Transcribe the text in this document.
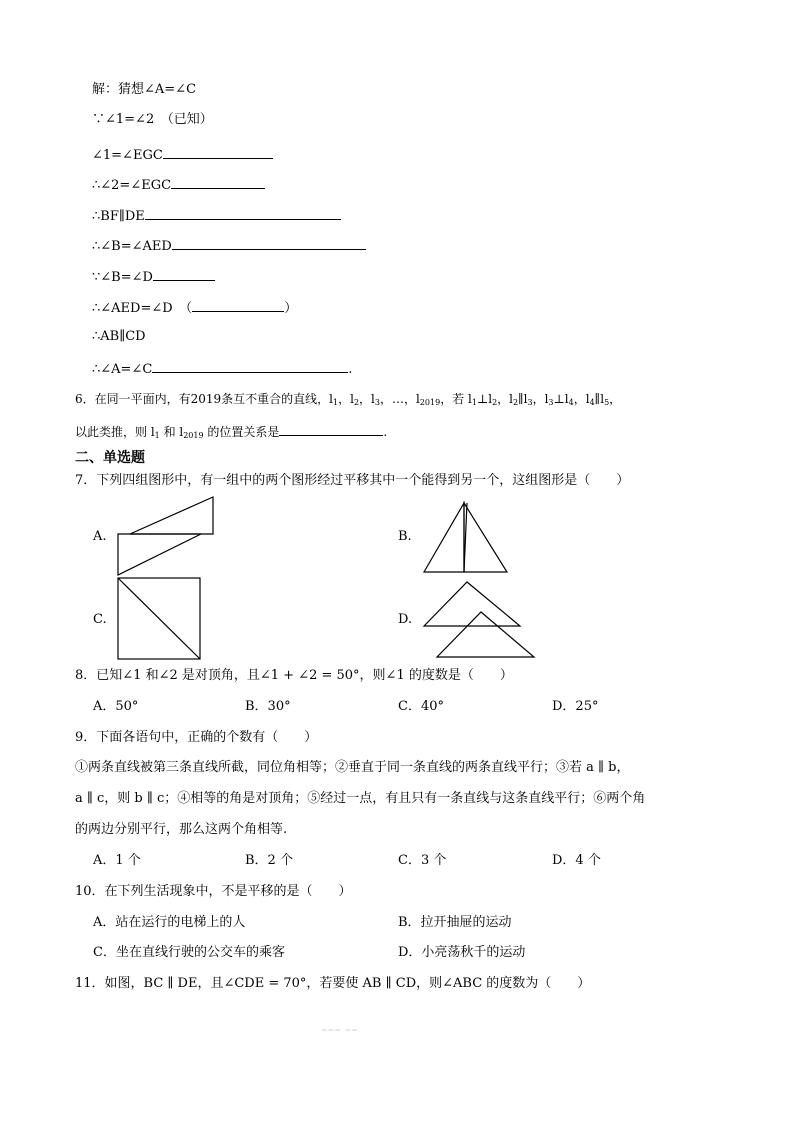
解：猜想∠A=∠C
∵∠1=∠2　（已知）
∠1=∠EGC
∴∠2=∠EGC
∴BF∥DE
∴∠B=∠AED
∵∠B=∠D
∴∠AED=∠D　（	）
∴AB∥CD
∴∠A=∠C	.
6．在同一平面内，有2019条互不重合的直线，$l_1$，$l_2$，$l_3$，…，$l_{2019}$，若 $l_1\perp l_2$，$l_2\parallel l_3$，$l_3\perp l_4$，$l_4\parallel l_5$，
以此类推，则 $l_1$ 和 $l_{2019}$ 的位置关系是	.
二、单选题
7．下列四组图形中，有一组中的两个图形经过平移其中一个能得到另一个，这组图形是（　　）
A.	B.
C.	D.
8．已知∠1 和∠2 是对顶角，且∠1 + ∠2 = 50°，则∠1 的度数是（　　）
A．50°	B．30°	C．40°	D．25°
9．下面各语句中，正确的个数有（　　）
①两条直线被第三条直线所截，同位角相等；②垂直于同一条直线的两条直线平行；③若 a ∥ b，
a ∥ c，则 b ∥ c；④相等的角是对顶角；⑤经过一点，有且只有一条直线与这条直线平行；⑥两个角
的两边分别平行，那么这两个角相等.
A．1 个	B．2 个	C．3 个	D．4 个
10．在下列生活现象中，不是平移的是（　　）
A．站在运行的电梯上的人	B．拉开抽屉的运动
C．坐在直线行驶的公交车的乘客	D．小亮荡秋千的运动
11．如图，BC ∥ DE，且∠CDE = 70°，若要使 AB ∥ CD，则∠ABC 的度数为（　　）
▁▁▁ ▁▁
